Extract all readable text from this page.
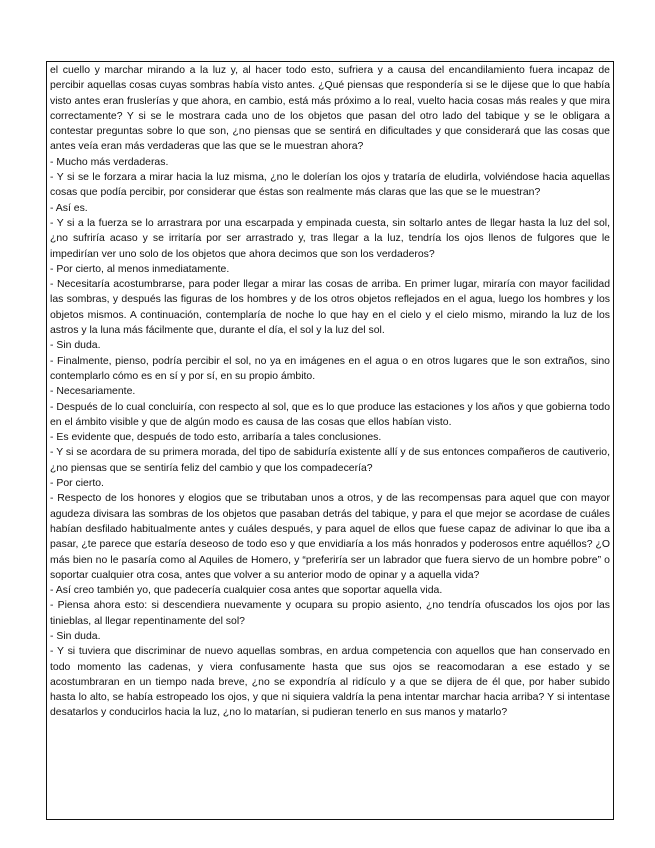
el cuello y marchar mirando a la luz y, al hacer todo esto, sufriera y a causa del encandilamiento fuera incapaz de percibir aquellas cosas cuyas sombras había visto antes. ¿Qué piensas que respondería si se le dijese que lo que había visto antes eran fruslerías y que ahora, en cambio, está más próximo a lo real, vuelto hacia cosas más reales y que mira correctamente? Y si se le mostrara cada uno de los objetos que pasan del otro lado del tabique y se le obligara a contestar preguntas sobre lo que son, ¿no piensas que se sentirá en dificultades y que considerará que las cosas que antes veía eran más verdaderas que las que se le muestran ahora?

- Mucho más verdaderas.

- Y si se le forzara a mirar hacia la luz misma, ¿no le dolerían los ojos y trataría de eludirla, volviéndose hacia aquellas cosas que podía percibir, por considerar que éstas son realmente más claras que las que se le muestran?

- Así es.

- Y si a la fuerza se lo arrastrara por una escarpada y empinada cuesta, sin soltarlo antes de llegar hasta la luz del sol, ¿no sufriría acaso y se irritaría por ser arrastrado y, tras llegar a la luz, tendría los ojos llenos de fulgores que le impedirían ver uno solo de los objetos que ahora decimos que son los verdaderos?

- Por cierto, al menos inmediatamente.

- Necesitaría acostumbrarse, para poder llegar a mirar las cosas de arriba. En primer lugar, miraría con mayor facilidad las sombras, y después las figuras de los hombres y de los otros objetos reflejados en el agua, luego los hombres y los objetos mismos. A continuación, contemplaría de noche lo que hay en el cielo y el cielo mismo, mirando la luz de los astros y la luna más fácilmente que, durante el día, el sol y la luz del sol.

- Sin duda.

- Finalmente, pienso, podría percibir el sol, no ya en imágenes en el agua o en otros lugares que le son extraños, sino contemplarlo cómo es en sí y por sí, en su propio ámbito.

- Necesariamente.

- Después de lo cual concluiría, con respecto al sol, que es lo que produce las estaciones y los años y que gobierna todo en el ámbito visible y que de algún modo es causa de las cosas que ellos habían visto.

- Es evidente que, después de todo esto, arribaría a tales conclusiones.

- Y si se acordara de su primera morada, del tipo de sabiduría existente allí y de sus entonces compañeros de cautiverio, ¿no piensas que se sentiría feliz del cambio y que los compadecería?

- Por cierto.

- Respecto de los honores y elogios que se tributaban unos a otros, y de las recompensas para aquel que con mayor agudeza divisara las sombras de los objetos que pasaban detrás del tabique, y para el que mejor se acordase de cuáles habían desfilado habitualmente antes y cuáles después, y para aquel de ellos que fuese capaz de adivinar lo que iba a pasar, ¿te parece que estaría deseoso de todo eso y que envidiaría a los más honrados y poderosos entre aquéllos? ¿O más bien no le pasaría como al Aquiles de Homero, y “preferiría ser un labrador que fuera siervo de un hombre pobre” o soportar cualquier otra cosa, antes que volver a su anterior modo de opinar y a aquella vida?

- Así creo también yo, que padecería cualquier cosa antes que soportar aquella vida.

- Piensa ahora esto: si descendiera nuevamente y ocupara su propio asiento, ¿no tendría ofuscados los ojos por las tinieblas, al llegar repentinamente del sol?

- Sin duda.

- Y si tuviera que discriminar de nuevo aquellas sombras, en ardua competencia con aquellos que han conservado en todo momento las cadenas, y viera confusamente hasta que sus ojos se reacomodaran a ese estado y se acostumbraran en un tiempo nada breve, ¿no se expondría al ridículo y a que se dijera de él que, por haber subido hasta lo alto, se había estropeado los ojos, y que ni siquiera valdría la pena intentar marchar hacia arriba? Y si intentase desatarlos y conducirlos hacia la luz, ¿no lo matarían, si pudieran tenerlo en sus manos y matarlo?
